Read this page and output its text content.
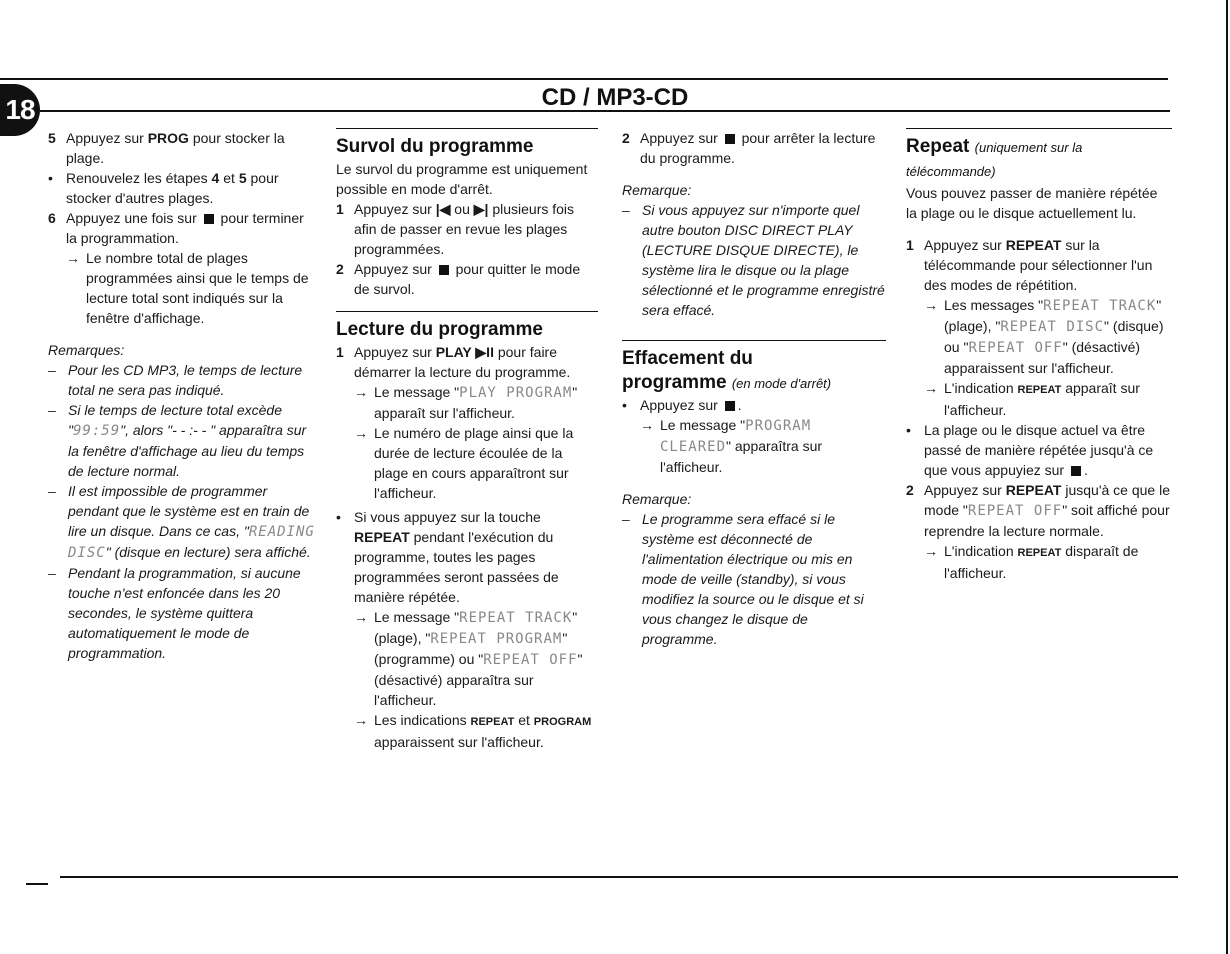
18	CD / MP3-CD
5 Appuyez sur PROG pour stocker la plage.
• Renouvelez les étapes 4 et 5 pour stocker d'autres plages.
6 Appuyez une fois sur pour terminer la programmation.
→ Le nombre total de plages programmées ainsi que le temps de lecture total sont indiqués sur la fenêtre d'affichage.
Remarques:
– Pour les CD MP3, le temps de lecture total ne sera pas indiqué.
– Si le temps de lecture total excède "99:59", alors "- - :- - " apparaîtra sur la fenêtre d'affichage au lieu du temps de lecture normal.
– Il est impossible de programmer pendant que le système est en train de lire un disque. Dans ce cas, "READING DISC" (disque en lecture) sera affiché.
– Pendant la programmation, si aucune touche n'est enfoncée dans les 20 secondes, le système quittera automatiquement le mode de programmation.
Survol du programme
Le survol du programme est uniquement possible en mode d'arrêt.
1 Appuyez sur |◀ ou ▶| plusieurs fois afin de passer en revue les plages programmées.
2 Appuyez sur pour quitter le mode de survol.
Lecture du programme
1 Appuyez sur PLAY ▶II pour faire démarrer la lecture du programme.
→ Le message "PLAY PROGRAM" apparaît sur l'afficheur.
→ Le numéro de plage ainsi que la durée de lecture écoulée de la plage en cours apparaîtront sur l'afficheur.
• Si vous appuyez sur la touche REPEAT pendant l'exécution du programme, toutes les pages programmées seront passées de manière répétée.
→ Le message "REPEAT TRACK" (plage), "REPEAT PROGRAM" (programme) ou "REPEAT OFF" (désactivé) apparaîtra sur l'afficheur.
→ Les indications REPEAT et PROGRAM apparaissent sur l'afficheur.
2 Appuyez sur pour arrêter la lecture du programme.
Remarque:
– Si vous appuyez sur n'importe quel autre bouton DISC DIRECT PLAY (LECTURE DISQUE DIRECTE), le système lira le disque ou la plage sélectionné et le programme enregistré sera effacé.
Effacement du
programme (en mode d'arrêt)
• Appuyez sur .
→ Le message "PROGRAM CLEARED" apparaîtra sur l'afficheur.
Remarque:
– Le programme sera effacé si le système est déconnecté de l'alimentation électrique ou mis en mode de veille (standby), si vous modifiez la source ou le disque et si vous changez le disque de programme.
Repeat (uniquement sur la télécommande)
Vous pouvez passer de manière répétée la plage ou le disque actuellement lu.
1 Appuyez sur REPEAT sur la télécommande pour sélectionner l'un des modes de répétition.
→ Les messages "REPEAT TRACK" (plage), "REPEAT DISC" (disque) ou "REPEAT OFF" (désactivé) apparaissent sur l'afficheur.
→ L'indication REPEAT apparaît sur l'afficheur.
• La plage ou le disque actuel va être passé de manière répétée jusqu'à ce que vous appuyiez sur .
2 Appuyez sur REPEAT jusqu'à ce que le mode "REPEAT OFF" soit affiché pour reprendre la lecture normale.
→ L'indication REPEAT disparaît de l'afficheur.
